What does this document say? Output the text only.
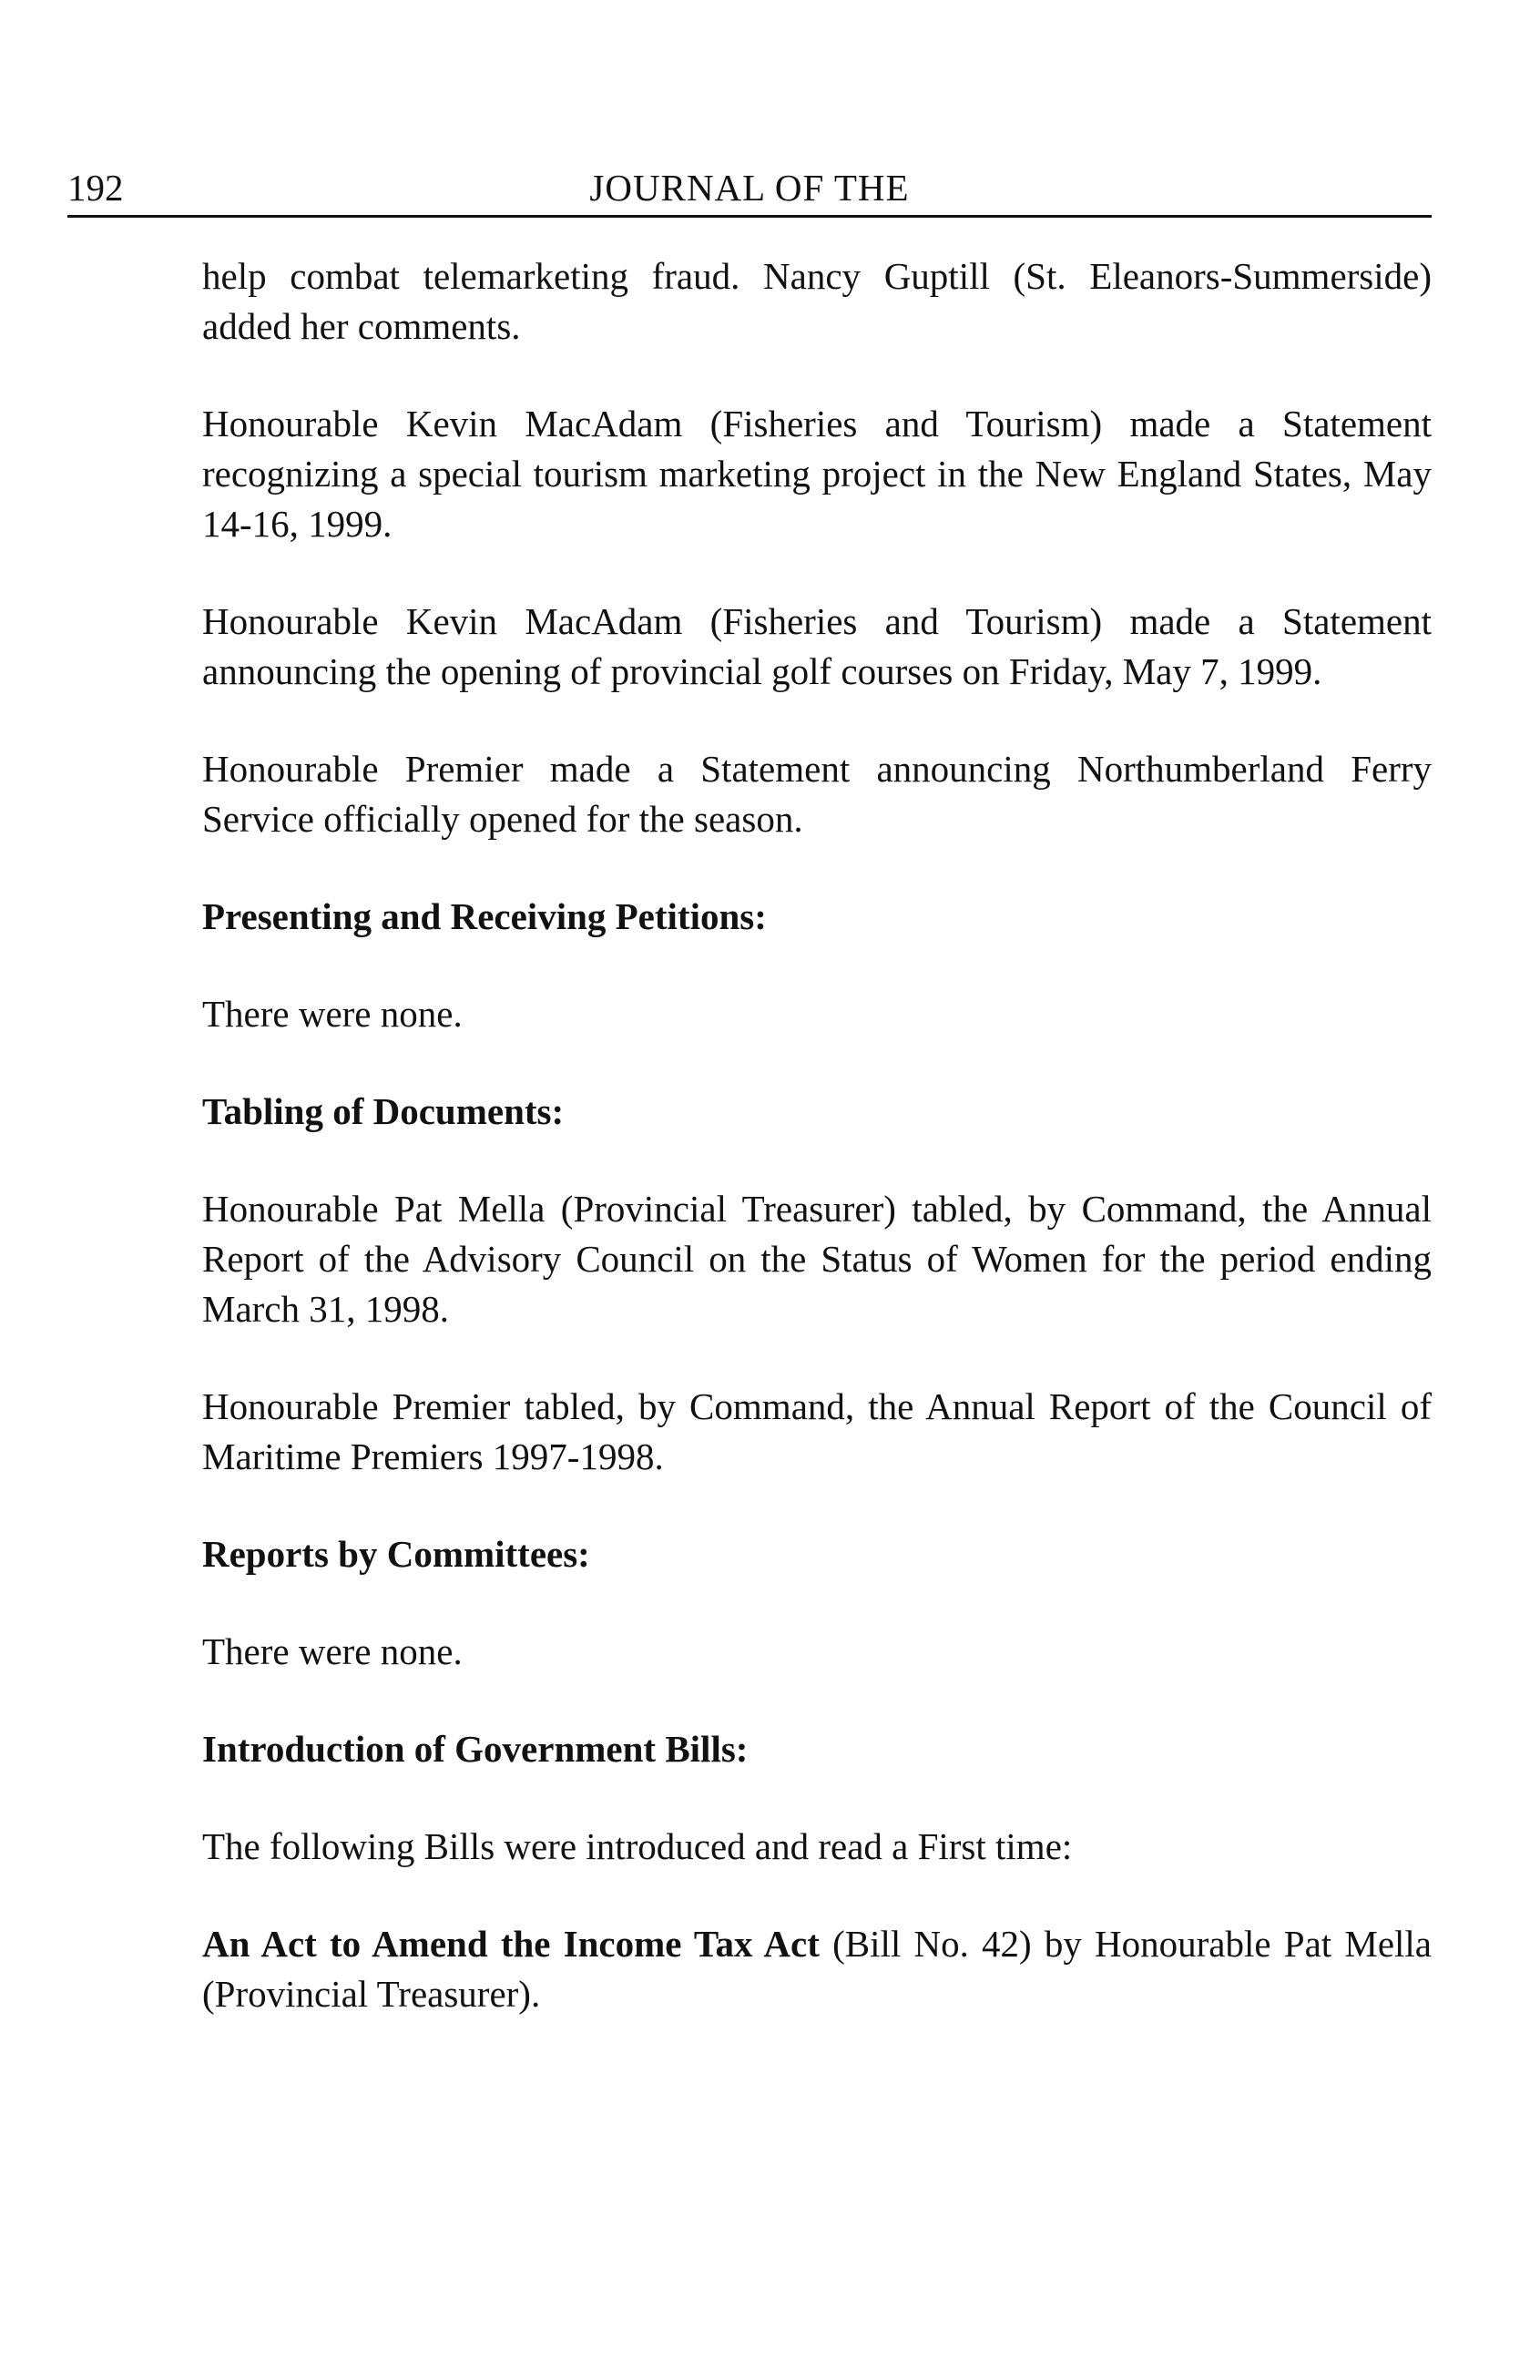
192	JOURNAL OF THE

help combat telemarketing fraud. Nancy Guptill (St. Eleanors-Summerside) added her comments.

Honourable Kevin MacAdam (Fisheries and Tourism) made a Statement recognizing a special tourism marketing project in the New England States, May 14-16, 1999.

Honourable Kevin MacAdam (Fisheries and Tourism) made a Statement announcing the opening of provincial golf courses on Friday, May 7, 1999.

Honourable Premier made a Statement announcing Northumberland Ferry Service officially opened for the season.

Presenting and Receiving Petitions:

There were none.

Tabling of Documents:

Honourable Pat Mella (Provincial Treasurer) tabled, by Command, the Annual Report of the Advisory Council on the Status of Women for the period ending March 31, 1998.

Honourable Premier tabled, by Command, the Annual Report of the Council of Maritime Premiers 1997-1998.

Reports by Committees:

There were none.

Introduction of Government Bills:

The following Bills were introduced and read a First time:

An Act to Amend the Income Tax Act (Bill No. 42) by Honourable Pat Mella (Provincial Treasurer).
